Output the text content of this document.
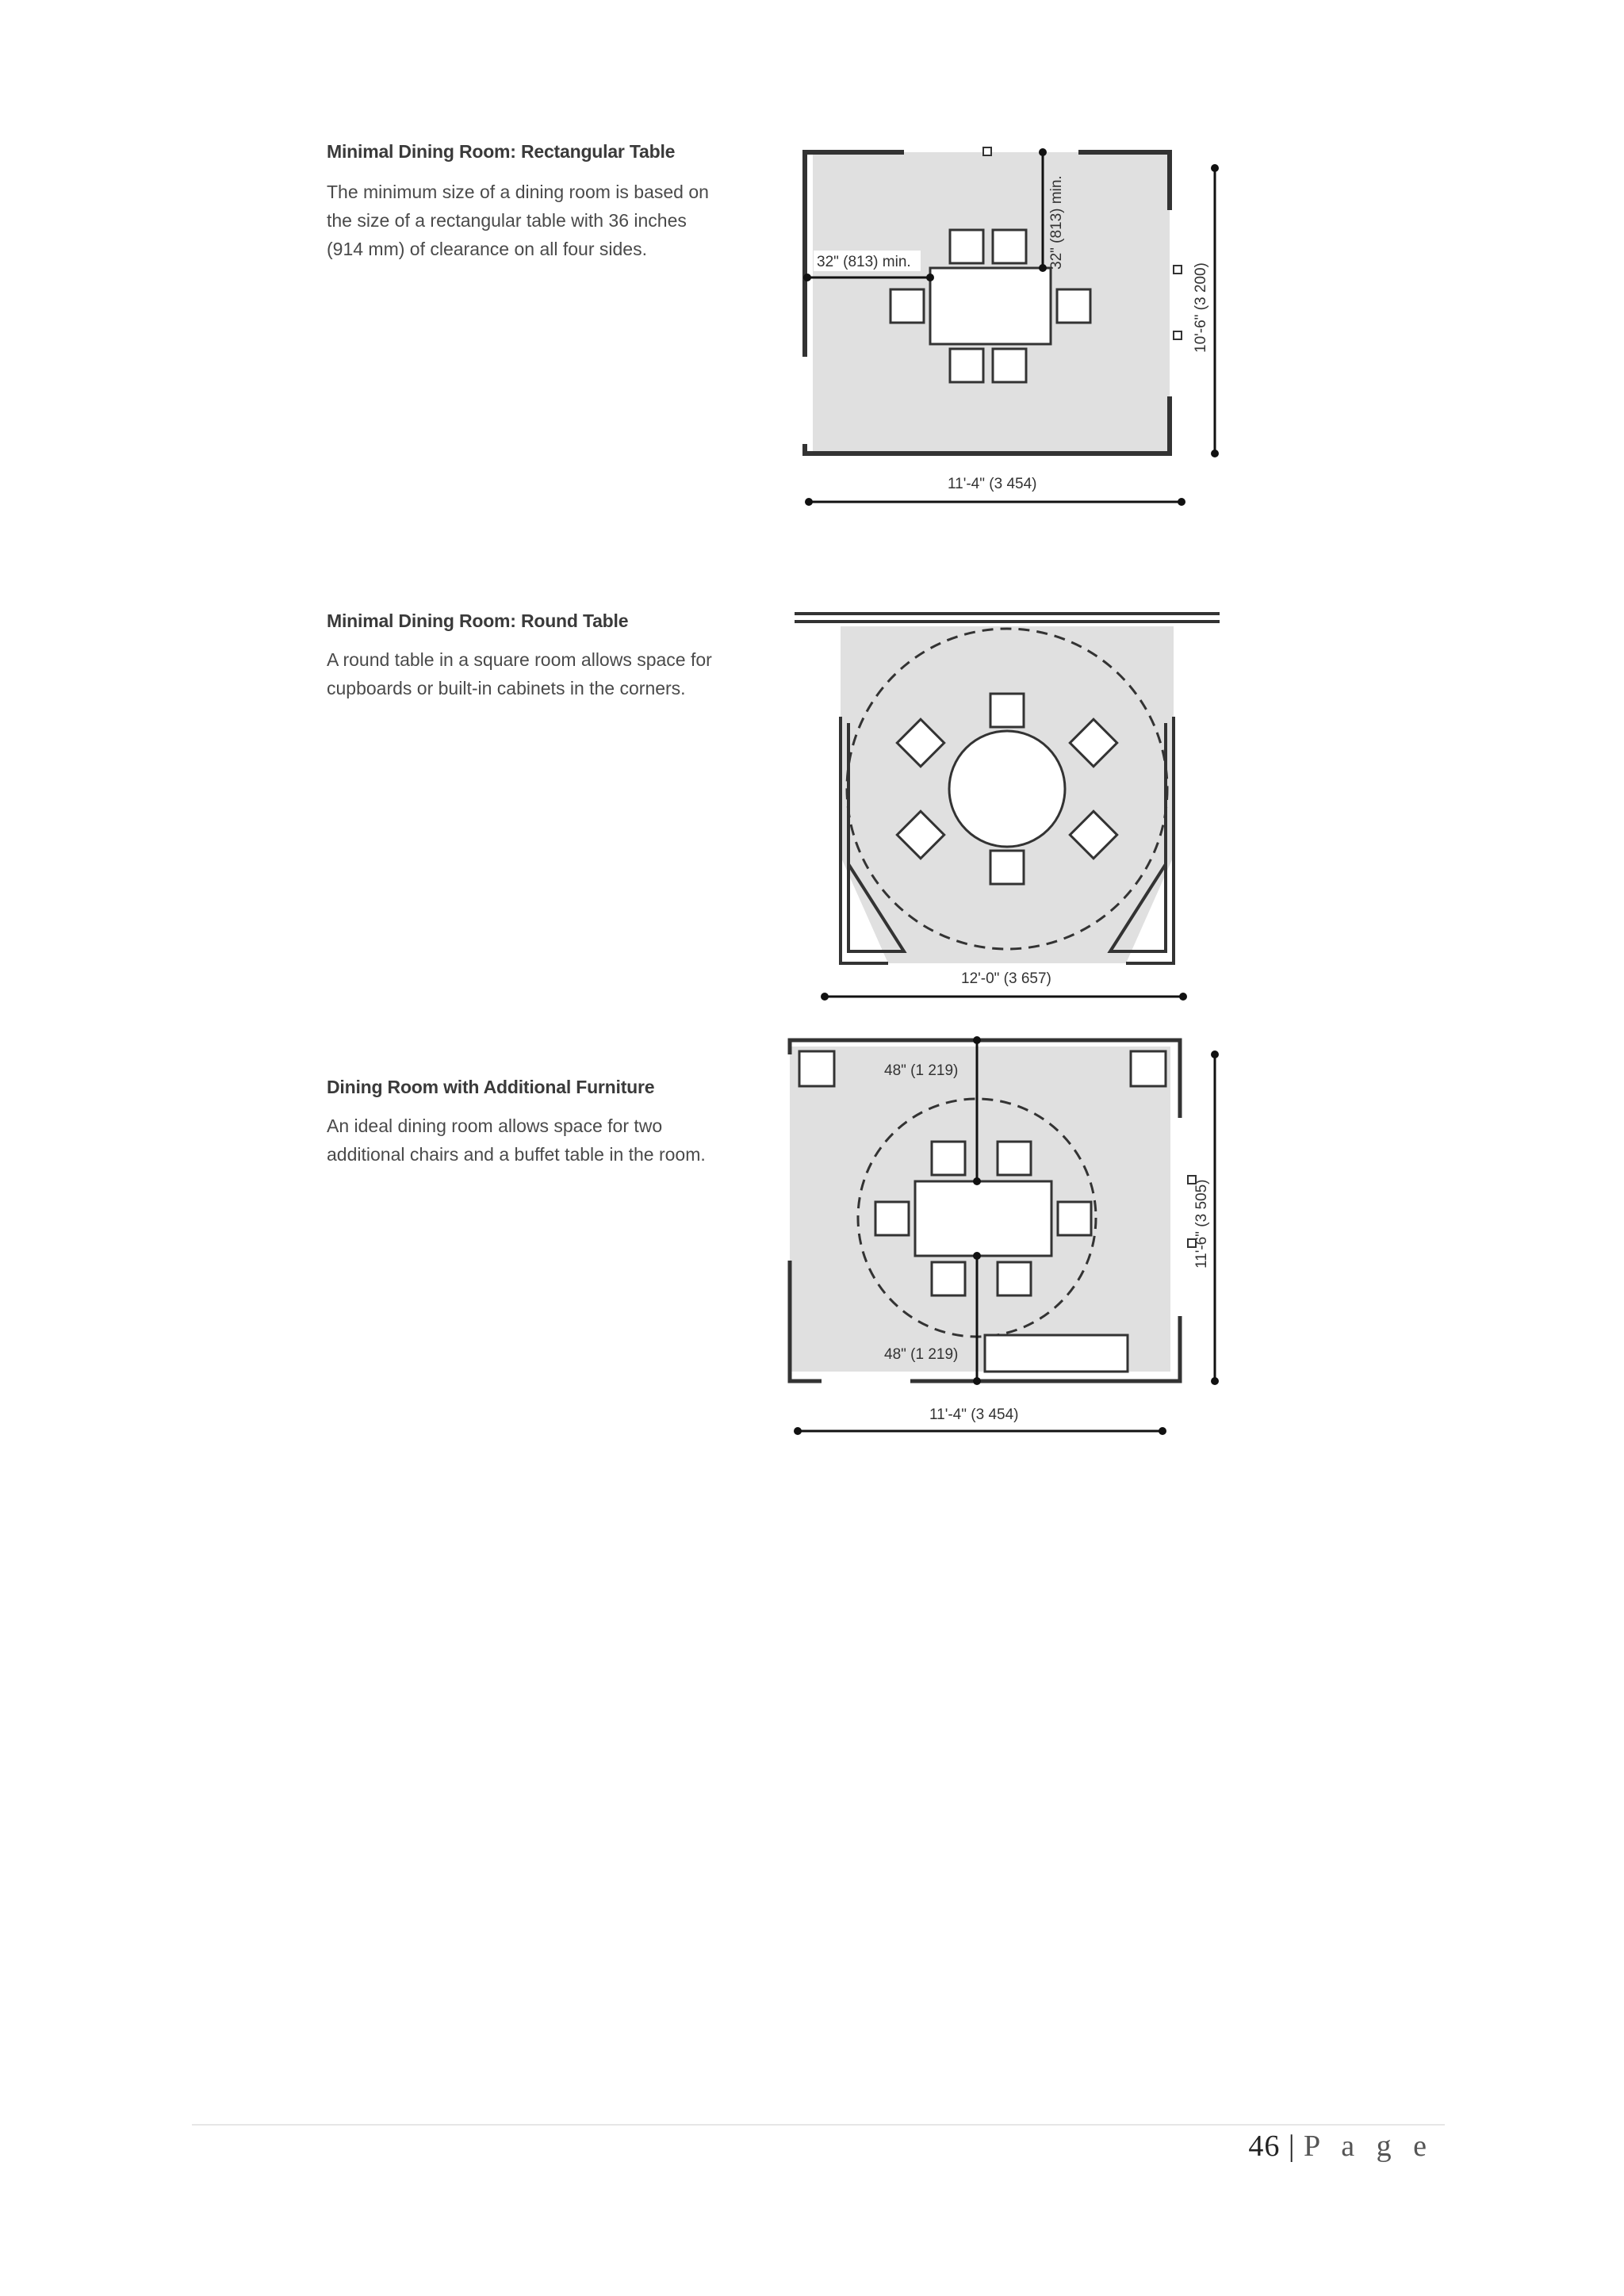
Minimal Dining Room: Rectangular Table
The minimum size of a dining room is based on the size of a rectangular table with 36 inches (914 mm) of clearance on all four sides.
Minimal Dining Room: Round Table
A round table in a square room allows space for cupboards or built-in cabinets in the corners.
Dining Room with Additional Furniture
An ideal dining room allows space for two additional chairs and a buffet table in the room.
32" (813) min.	32" (813) min.
11'-4" (3 454)
10'-6" (3 200)
12'-0" (3 657)
48" (1 219)
48" (1 219)
11'-4" (3 454)
11'-6" (3 505)
46 | P a g e
